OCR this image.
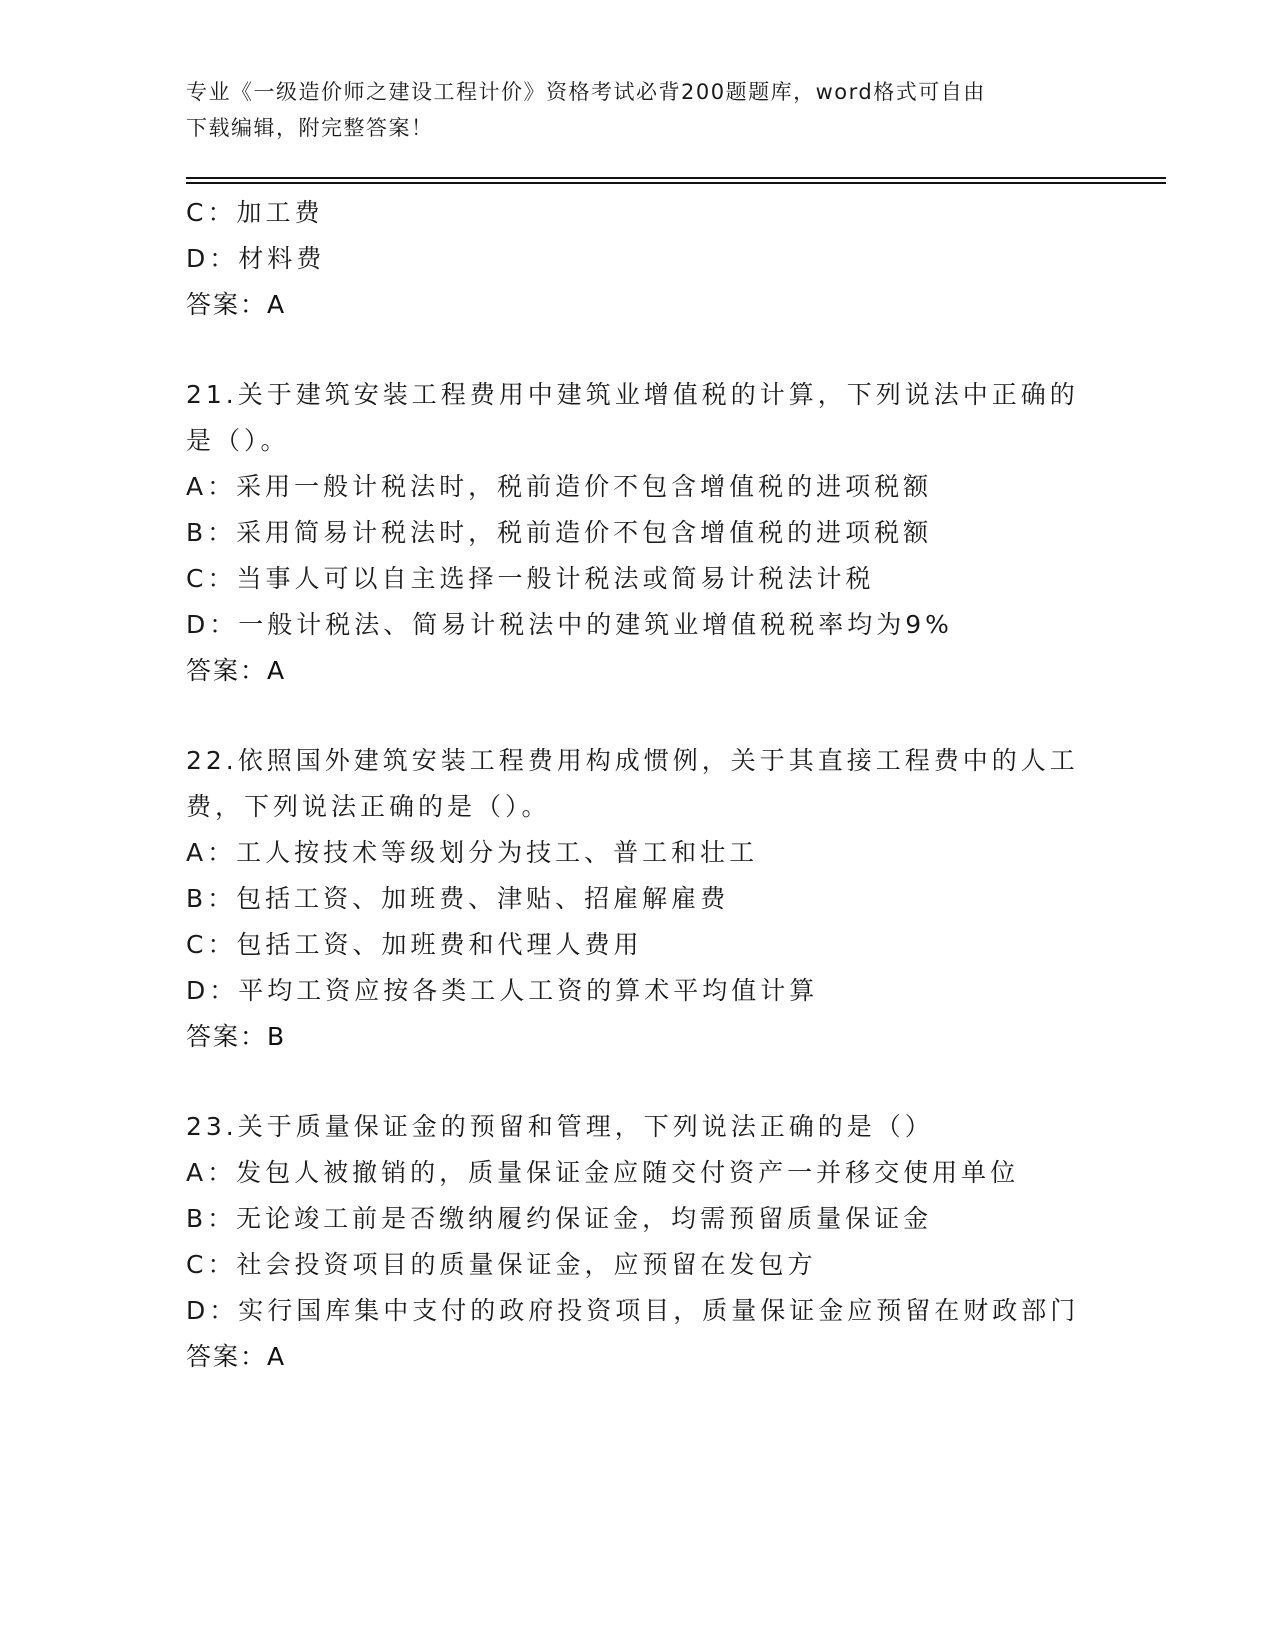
专业《一级造价师之建设工程计价》资格考试必背200题题库，word格式可自由
下载编辑，附完整答案！
C：加工费
D：材料费
答案：A
21.关于建筑安装工程费用中建筑业增值税的计算，下列说法中正确的
是（）。
A：采用一般计税法时，税前造价不包含增值税的进项税额
B：采用简易计税法时，税前造价不包含增值税的进项税额
C：当事人可以自主选择一般计税法或简易计税法计税
D：一般计税法、简易计税法中的建筑业增值税税率均为9%
答案：A
22.依照国外建筑安装工程费用构成惯例，关于其直接工程费中的人工
费，下列说法正确的是（）。
A：工人按技术等级划分为技工、普工和壮工
B：包括工资、加班费、津贴、招雇解雇费
C：包括工资、加班费和代理人费用
D：平均工资应按各类工人工资的算术平均值计算
答案：B
23.关于质量保证金的预留和管理，下列说法正确的是（）
A：发包人被撤销的，质量保证金应随交付资产一并移交使用单位
B：无论竣工前是否缴纳履约保证金，均需预留质量保证金
C：社会投资项目的质量保证金，应预留在发包方
D：实行国库集中支付的政府投资项目，质量保证金应预留在财政部门
答案：A
